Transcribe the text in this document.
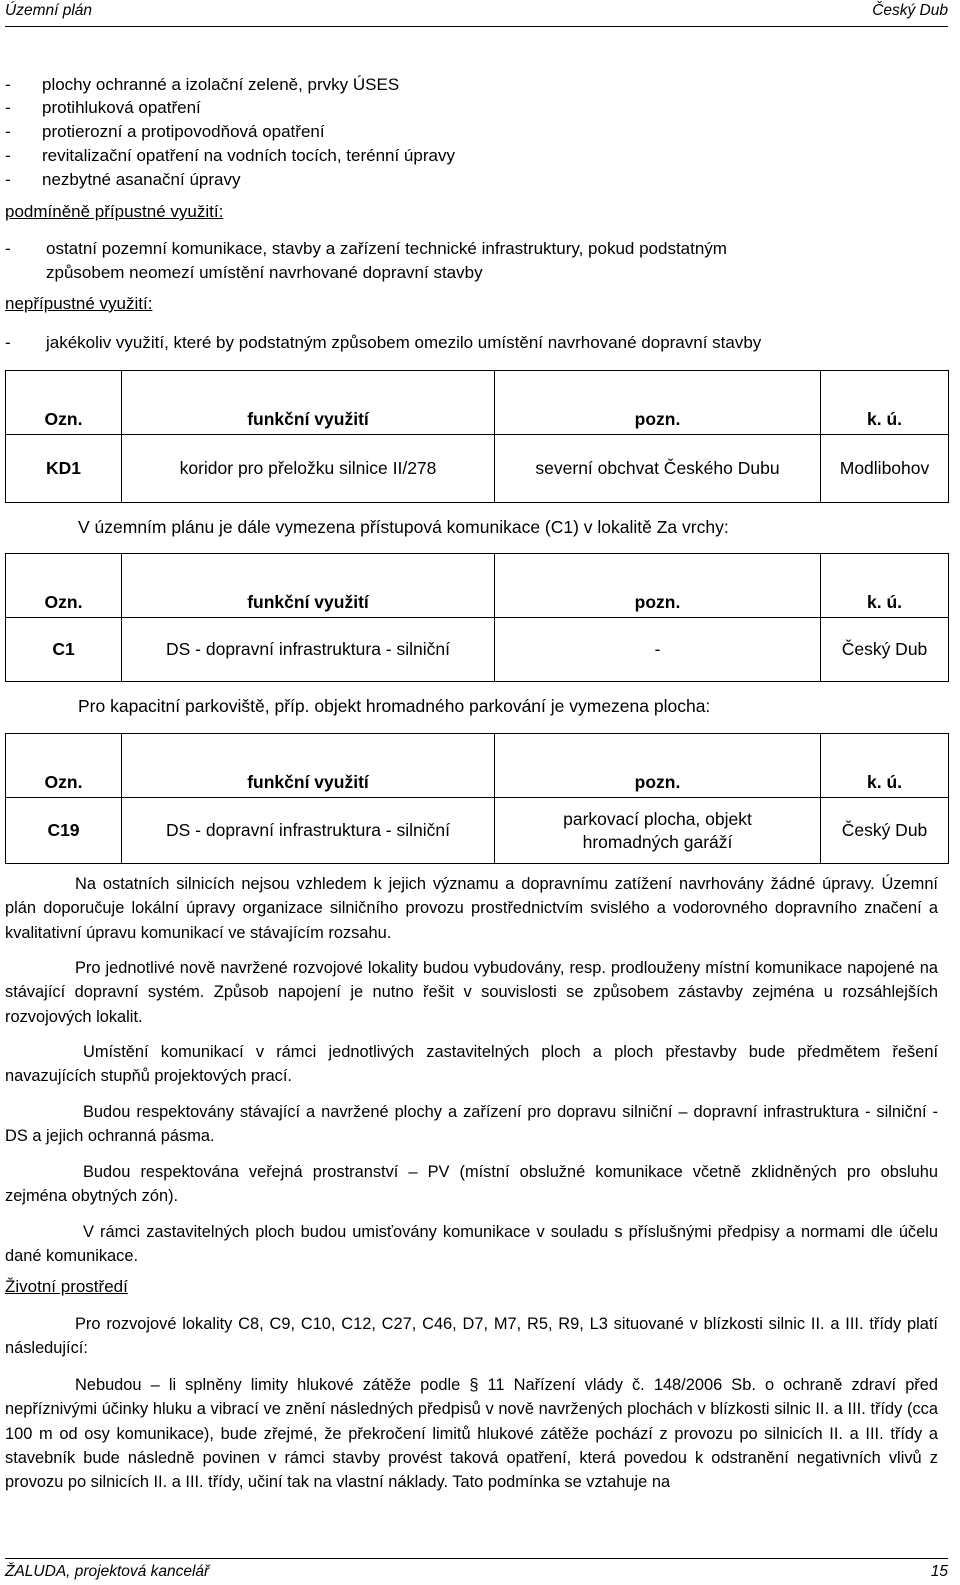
Územní plán	Český Dub
- plochy ochranné a izolační zeleně, prvky ÚSES
- protihluková opatření
- protierozní a protipovodňová opatření
- revitalizační opatření na vodních tocích, terénní úpravy
- nezbytné asanační úpravy
podmíněně přípustné využití:
- ostatní pozemní komunikace, stavby a zařízení technické infrastruktury, pokud podstatným
způsobem neomezí umístění navrhované dopravní stavby
nepřípustné využití:
- jakékoliv využití, které by podstatným způsobem omezilo umístění navrhované dopravní stavby
Ozn.	funkční využití	pozn.	k. ú.
KD1	koridor pro přeložku silnice II/278	severní obchvat Českého Dubu	Modlibohov
V územním plánu je dále vymezena přístupová komunikace (C1) v lokalitě Za vrchy:
Ozn.	funkční využití	pozn.	k. ú.
C1	DS - dopravní infrastruktura - silniční	-	Český Dub
Pro kapacitní parkoviště, příp. objekt hromadného parkování je vymezena plocha:
Ozn.	funkční využití	pozn.	k. ú.
C19	DS - dopravní infrastruktura - silniční	parkovací plocha, objekt hromadných garáží	Český Dub
Na ostatních silnicích nejsou vzhledem k jejich významu a dopravnímu zatížení navrhovány žádné úpravy. Územní plán doporučuje lokální úpravy organizace silničního provozu prostřednictvím svislého a vodorovného dopravního značení a kvalitativní úpravu komunikací ve stávajícím rozsahu.
Pro jednotlivé nově navržené rozvojové lokality budou vybudovány, resp. prodlouženy místní komunikace napojené na stávající dopravní systém. Způsob napojení je nutno řešit v souvislosti se způsobem zástavby zejména u rozsáhlejších rozvojových lokalit.
Umístění komunikací v rámci jednotlivých zastavitelných ploch a ploch přestavby bude předmětem řešení navazujících stupňů projektových prací.
Budou respektovány stávající a navržené plochy a zařízení pro dopravu silniční – dopravní infrastruktura - silniční - DS a jejich ochranná pásma.
Budou respektována veřejná prostranství – PV (místní obslužné komunikace včetně zklidněných pro obsluhu zejména obytných zón).
V rámci zastavitelných ploch budou umisťovány komunikace v souladu s příslušnými předpisy a normami dle účelu dané komunikace.
Životní prostředí
Pro rozvojové lokality C8, C9, C10, C12, C27, C46, D7, M7, R5, R9, L3 situované v blízkosti silnic II. a III. třídy platí následující:
Nebudou – li splněny limity hlukové zátěže podle § 11 Nařízení vlády č. 148/2006 Sb. o ochraně zdraví před nepříznivými účinky hluku a vibrací ve znění následných předpisů v nově navržených plochách v blízkosti silnic II. a III. třídy (cca 100 m od osy komunikace), bude zřejmé, že překročení limitů hlukové zátěže pochází z provozu po silnicích II. a III. třídy a stavebník bude následně povinen v rámci stavby provést taková opatření, která povedou k odstranění negativních vlivů z provozu po silnicích II. a III. třídy, učiní tak na vlastní náklady. Tato podmínka se vztahuje na
ŽALUDA, projektová kancelář	15
